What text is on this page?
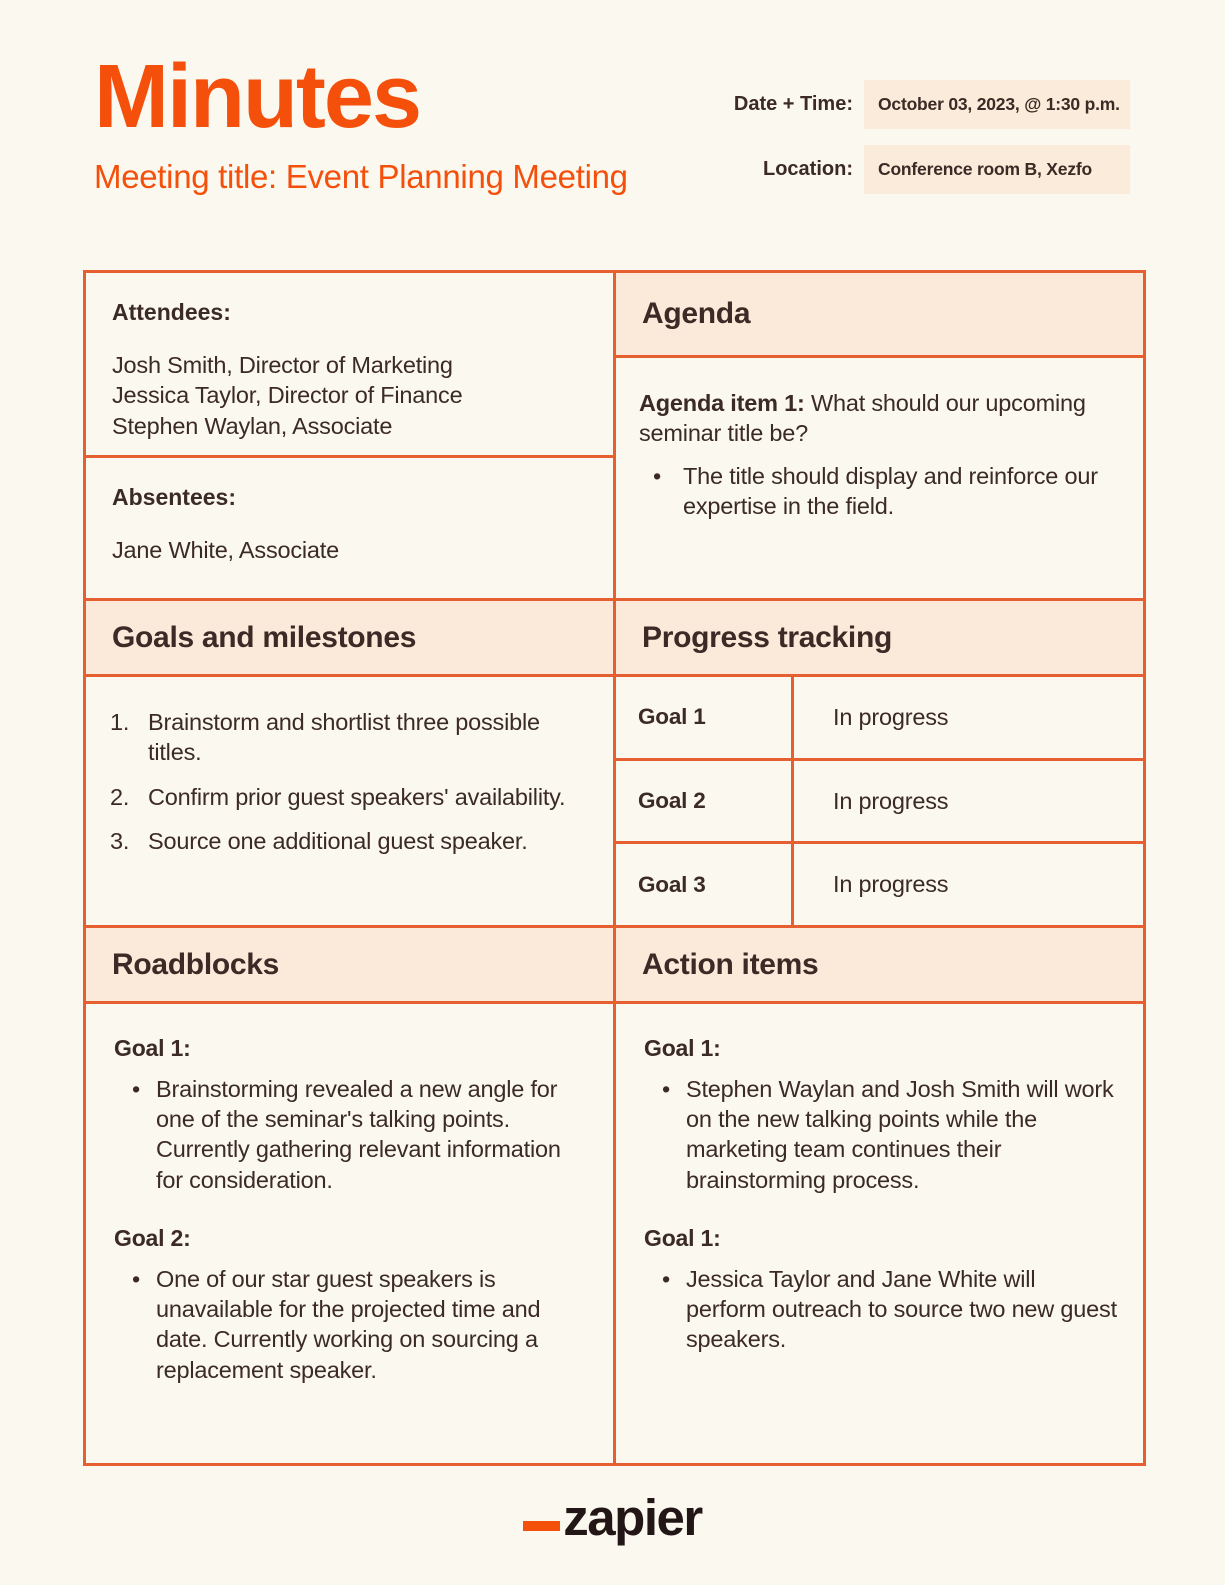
Minutes
Meeting title: Event Planning Meeting
Date + Time:	October 03, 2023, @ 1:30 p.m.
Location:	Conference room B, Xezfo
Attendees:
Josh Smith, Director of Marketing
Jessica Taylor, Director of Finance
Stephen Waylan, Associate
Absentees:
Jane White, Associate
Goals and milestones
1. Brainstorm and shortlist three possible titles.
2. Confirm prior guest speakers' availability.
3. Source one additional guest speaker.
Roadblocks
Goal 1:
• Brainstorming revealed a new angle for one of the seminar's talking points. Currently gathering relevant information for consideration.
Goal 2:
• One of our star guest speakers is unavailable for the projected time and date. Currently working on sourcing a replacement speaker.
Agenda

Agenda item 1: What should our upcoming seminar title be?

• The title should display and reinforce our expertise in the field.
Progress tracking
Goal 1	In progress
Goal 2	In progress
Goal 3	In progress
Action items
Goal 1:
• Stephen Waylan and Josh Smith will work on the new talking points while the marketing team continues their brainstorming process.
Goal 1:
• Jessica Taylor and Jane White will perform outreach to source two new guest speakers.
zapier
